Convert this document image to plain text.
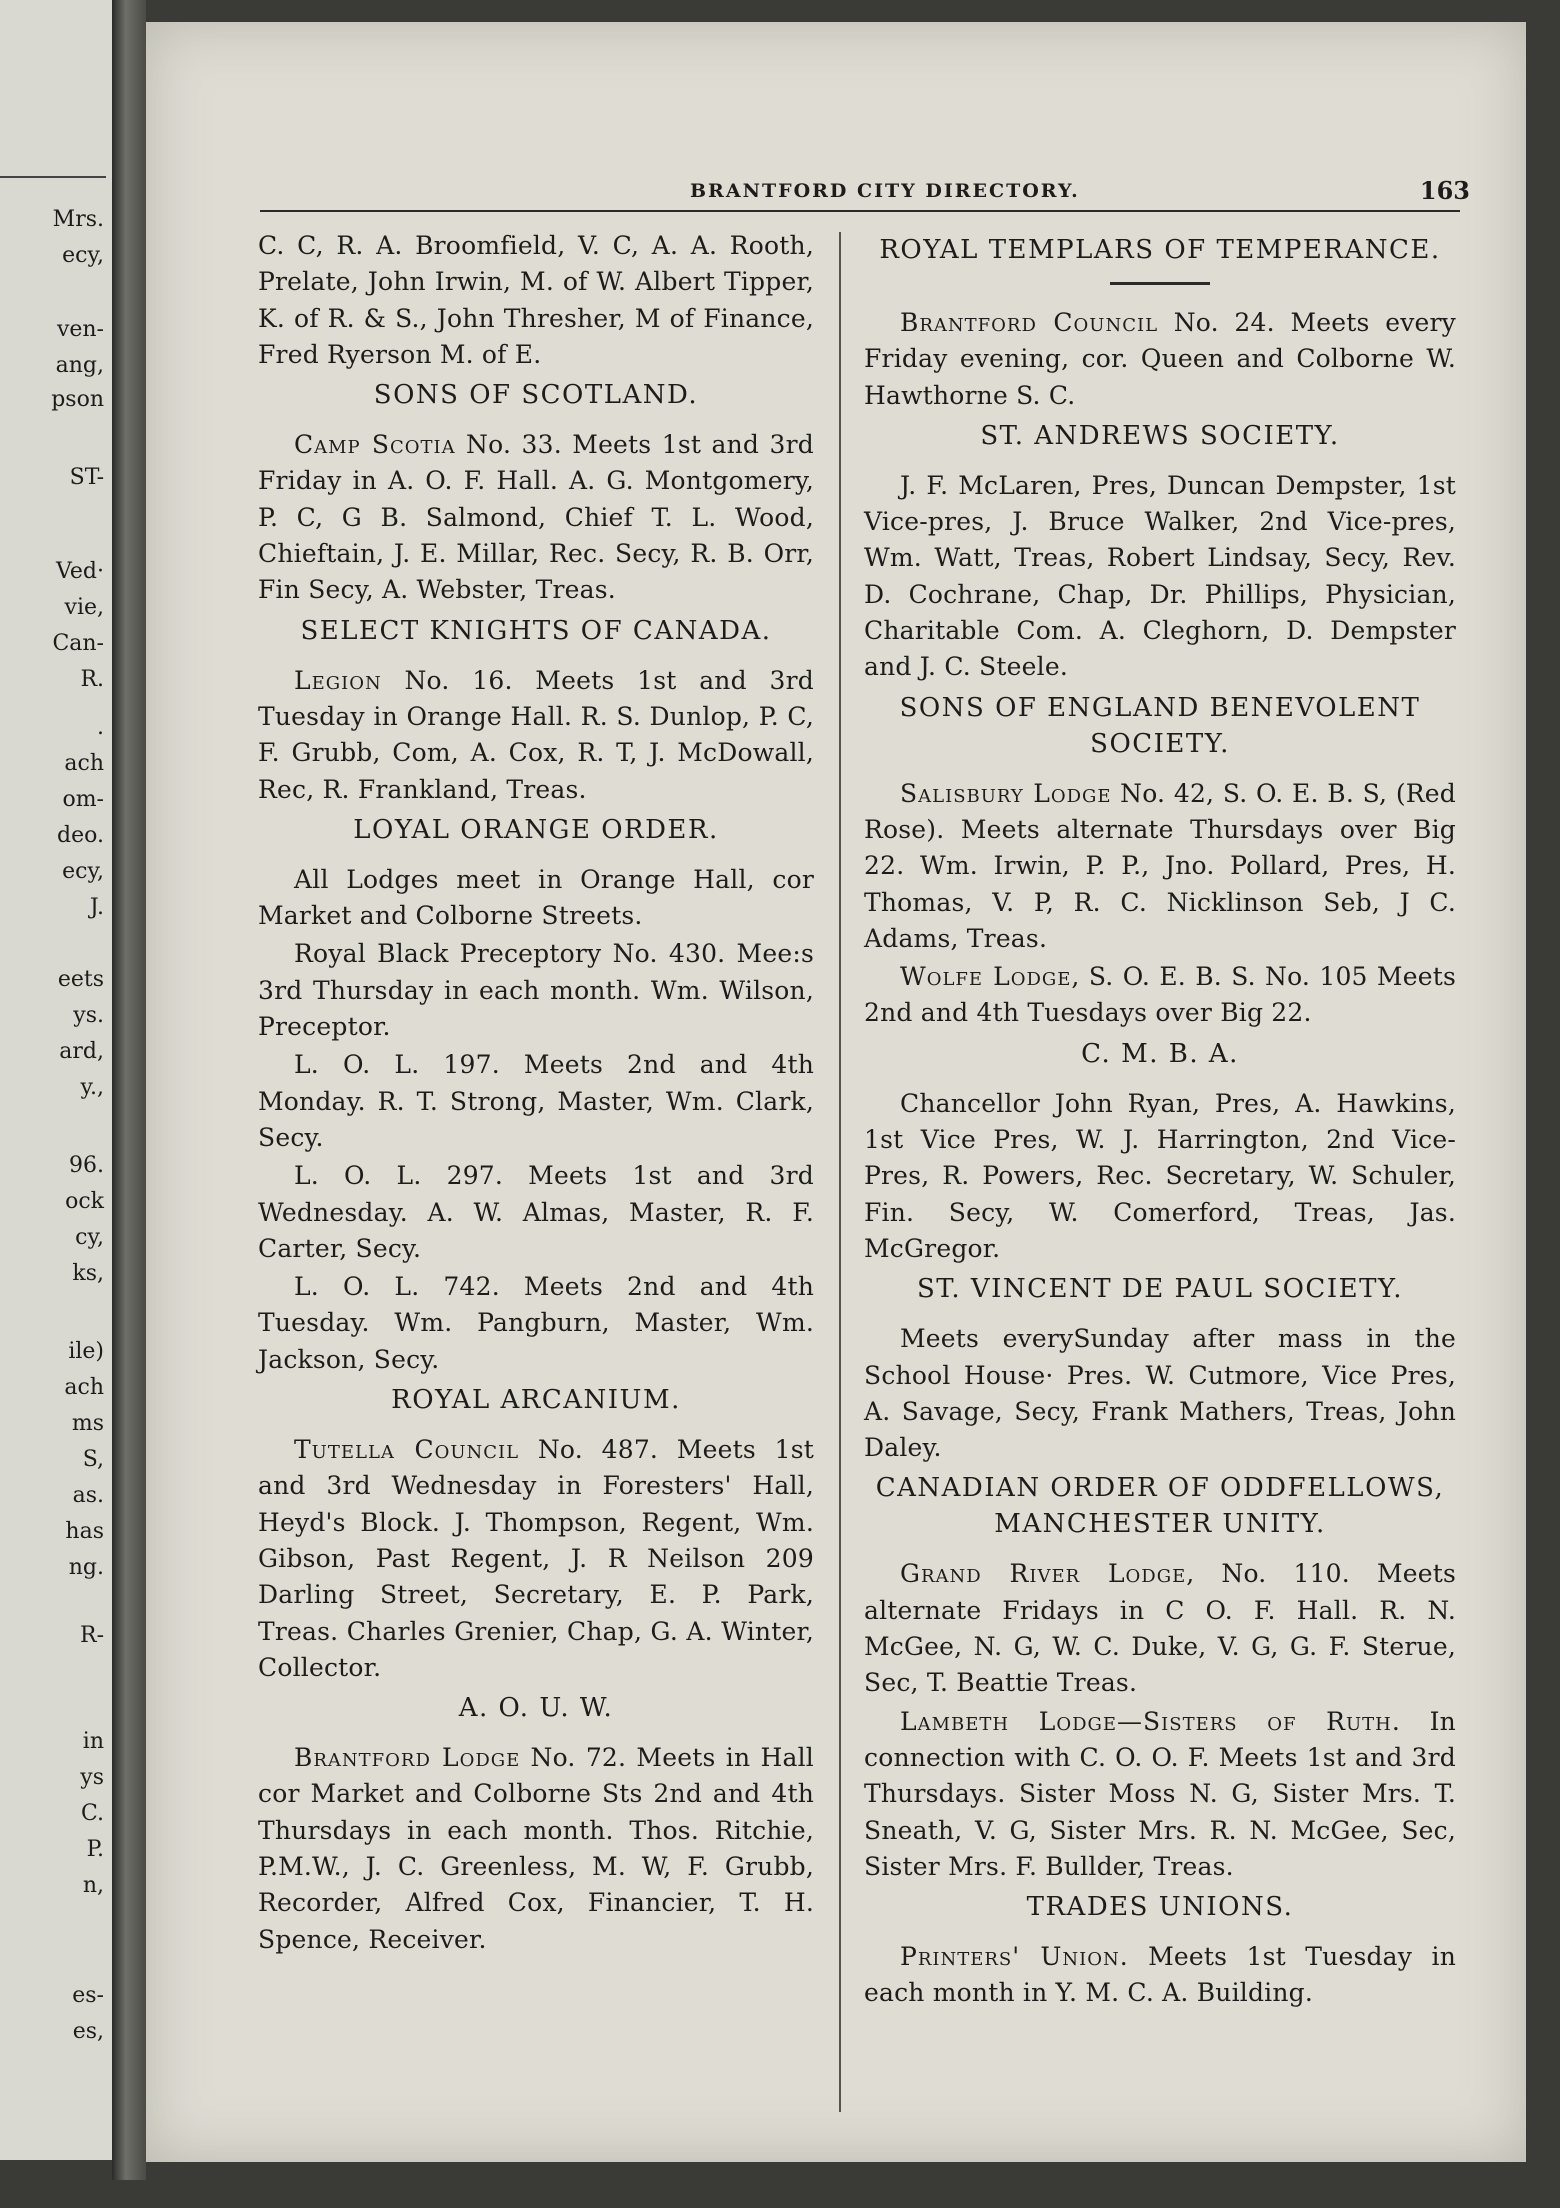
Mrs.
ecy,
ven-
ang,
pson
ST-
Ved·
vie,
Can-
R.
.
ach
om-
deo.
ecy,
J.
eets
ys.
ard,
y.,
96.
ock
cy,
ks,
ile)
ach
ms
S,
as.
has
ng.
R-
in
ys
C.
P.
n,
es-
es,
BRANTFORD CITY DIRECTORY.	163
C. C, R. A. Broomfield, V. C, A. A. Rooth, Prelate, John Irwin, M. of W. Albert Tipper, K. of R. & S., John Thresher, M of Finance, Fred Ryerson M. of E.
SONS OF SCOTLAND.
Camp Scotia No. 33. Meets 1st and 3rd Friday in A. O. F. Hall. A. G. Montgomery, P. C, G B. Salmond, Chief T. L. Wood, Chieftain, J. E. Millar, Rec. Secy, R. B. Orr, Fin Secy, A. Webster, Treas.
SELECT KNIGHTS OF CANADA.
Legion No. 16. Meets 1st and 3rd Tuesday in Orange Hall. R. S. Dunlop, P. C, F. Grubb, Com, A. Cox, R. T, J. McDowall, Rec, R. Frankland, Treas.
LOYAL ORANGE ORDER.
All Lodges meet in Orange Hall, cor Market and Colborne Streets.
Royal Black Preceptory No. 430. Mee:s 3rd Thursday in each month. Wm. Wilson, Preceptor.
L. O. L. 197. Meets 2nd and 4th Monday. R. T. Strong, Master, Wm. Clark, Secy.
L. O. L. 297. Meets 1st and 3rd Wednesday. A. W. Almas, Master, R. F. Carter, Secy.
L. O. L. 742. Meets 2nd and 4th Tuesday. Wm. Pangburn, Master, Wm. Jackson, Secy.
ROYAL ARCANIUM.
Tutella Council No. 487. Meets 1st and 3rd Wednesday in Foresters' Hall, Heyd's Block. J. Thompson, Regent, Wm. Gibson, Past Regent, J. R Neilson 209 Darling Street, Secretary, E. P. Park, Treas. Charles Grenier, Chap, G. A. Winter, Collector.
A. O. U. W.
Brantford Lodge No. 72. Meets in Hall cor Market and Colborne Sts 2nd and 4th Thursdays in each month. Thos. Ritchie, P.M.W., J. C. Greenless, M. W, F. Grubb, Recorder, Alfred Cox, Financier, T. H. Spence, Receiver.
ROYAL TEMPLARS OF TEMPERANCE.
Brantford Council No. 24. Meets every Friday evening, cor. Queen and Colborne W. Hawthorne S. C.
ST. ANDREWS SOCIETY.
J. F. McLaren, Pres, Duncan Dempster, 1st Vice-pres, J. Bruce Walker, 2nd Vice-pres, Wm. Watt, Treas, Robert Lindsay, Secy, Rev. D. Cochrane, Chap, Dr. Phillips, Physician, Charitable Com. A. Cleghorn, D. Dempster and J. C. Steele.
SONS OF ENGLAND BENEVOLENT SOCIETY.
Salisbury Lodge No. 42, S. O. E. B. S, (Red Rose). Meets alternate Thursdays over Big 22. Wm. Irwin, P. P., Jno. Pollard, Pres, H. Thomas, V. P, R. C. Nicklinson Seb, J C. Adams, Treas.
Wolfe Lodge, S. O. E. B. S. No. 105 Meets 2nd and 4th Tuesdays over Big 22.
C. M. B. A.
Chancellor John Ryan, Pres, A. Hawkins, 1st Vice Pres, W. J. Harrington, 2nd Vice-Pres, R. Powers, Rec. Secretary, W. Schuler, Fin. Secy, W. Comerford, Treas, Jas. McGregor.
ST. VINCENT DE PAUL SOCIETY.
Meets everySunday after mass in the School House· Pres. W. Cutmore, Vice Pres, A. Savage, Secy, Frank Mathers, Treas, John Daley.
CANADIAN ORDER OF ODDFELLOWS, MANCHESTER UNITY.
Grand River Lodge, No. 110. Meets alternate Fridays in C O. F. Hall. R. N. McGee, N. G, W. C. Duke, V. G, G. F. Sterue, Sec, T. Beattie Treas.
Lambeth Lodge—Sisters of Ruth. In connection with C. O. O. F. Meets 1st and 3rd Thursdays. Sister Moss N. G, Sister Mrs. T. Sneath, V. G, Sister Mrs. R. N. McGee, Sec, Sister Mrs. F. Bullder, Treas.
TRADES UNIONS.
Printers' Union. Meets 1st Tuesday in each month in Y. M. C. A. Building.
